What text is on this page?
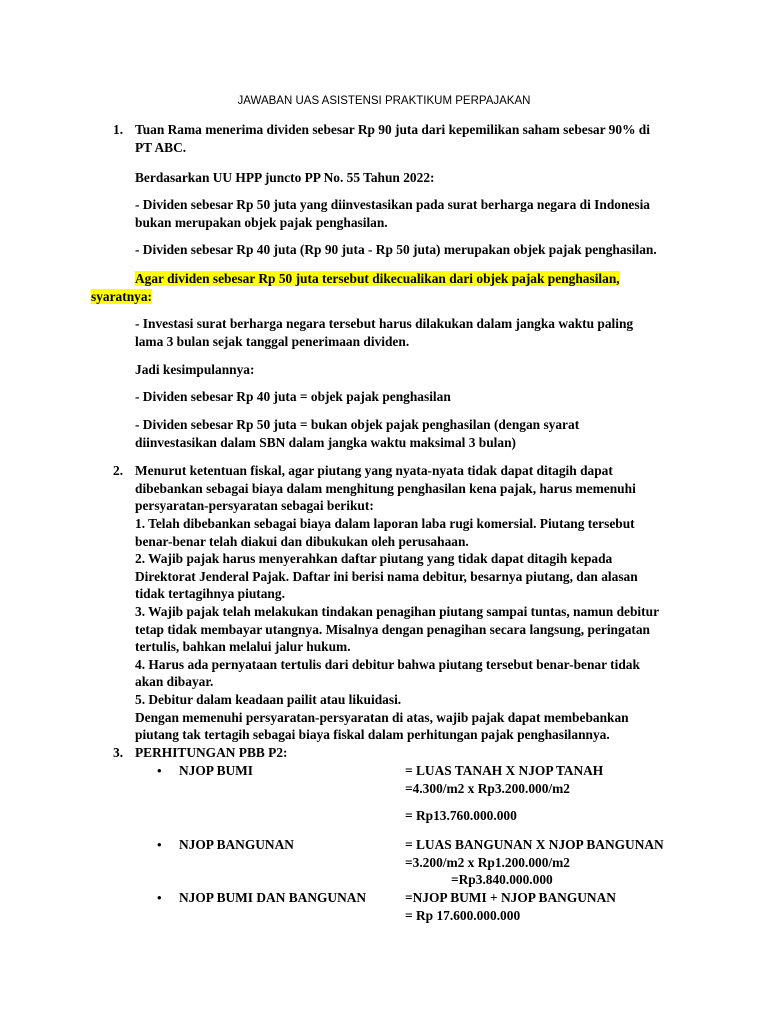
JAWABAN UAS ASISTENSI PRAKTIKUM PERPAJAKAN
1. Tuan Rama menerima dividen sebesar Rp 90 juta dari kepemilikan saham sebesar 90% di
PT ABC.
Berdasarkan UU HPP juncto PP No. 55 Tahun 2022:
- Dividen sebesar Rp 50 juta yang diinvestasikan pada surat berharga negara di Indonesia
bukan merupakan objek pajak penghasilan.
- Dividen sebesar Rp 40 juta (Rp 90 juta - Rp 50 juta) merupakan objek pajak penghasilan.
Agar dividen sebesar Rp 50 juta tersebut dikecualikan dari objek pajak penghasilan,
syaratnya:
- Investasi surat berharga negara tersebut harus dilakukan dalam jangka waktu paling
lama 3 bulan sejak tanggal penerimaan dividen.
Jadi kesimpulannya:
- Dividen sebesar Rp 40 juta = objek pajak penghasilan
- Dividen sebesar Rp 50 juta = bukan objek pajak penghasilan (dengan syarat
diinvestasikan dalam SBN dalam jangka waktu maksimal 3 bulan)
2. Menurut ketentuan fiskal, agar piutang yang nyata-nyata tidak dapat ditagih dapat
dibebankan sebagai biaya dalam menghitung penghasilan kena pajak, harus memenuhi
persyaratan-persyaratan sebagai berikut:
1. Telah dibebankan sebagai biaya dalam laporan laba rugi komersial. Piutang tersebut
benar-benar telah diakui dan dibukukan oleh perusahaan.
2. Wajib pajak harus menyerahkan daftar piutang yang tidak dapat ditagih kepada
Direktorat Jenderal Pajak. Daftar ini berisi nama debitur, besarnya piutang, dan alasan
tidak tertagihnya piutang.
3. Wajib pajak telah melakukan tindakan penagihan piutang sampai tuntas, namun debitur
tetap tidak membayar utangnya. Misalnya dengan penagihan secara langsung, peringatan
tertulis, bahkan melalui jalur hukum.
4. Harus ada pernyataan tertulis dari debitur bahwa piutang tersebut benar-benar tidak
akan dibayar.
5. Debitur dalam keadaan pailit atau likuidasi.
Dengan memenuhi persyaratan-persyaratan di atas, wajib pajak dapat membebankan
piutang tak tertagih sebagai biaya fiskal dalam perhitungan pajak penghasilannya.
3. PERHITUNGAN PBB P2:
• NJOP BUMI	= LUAS TANAH X NJOP TANAH
=4.300/m2 x Rp3.200.000/m2
= Rp13.760.000.000
• NJOP BANGUNAN	= LUAS BANGUNAN X NJOP BANGUNAN
=3.200/m2 x Rp1.200.000/m2
=Rp3.840.000.000
• NJOP BUMI DAN BANGUNAN	=NJOP BUMI + NJOP BANGUNAN
= Rp 17.600.000.000
